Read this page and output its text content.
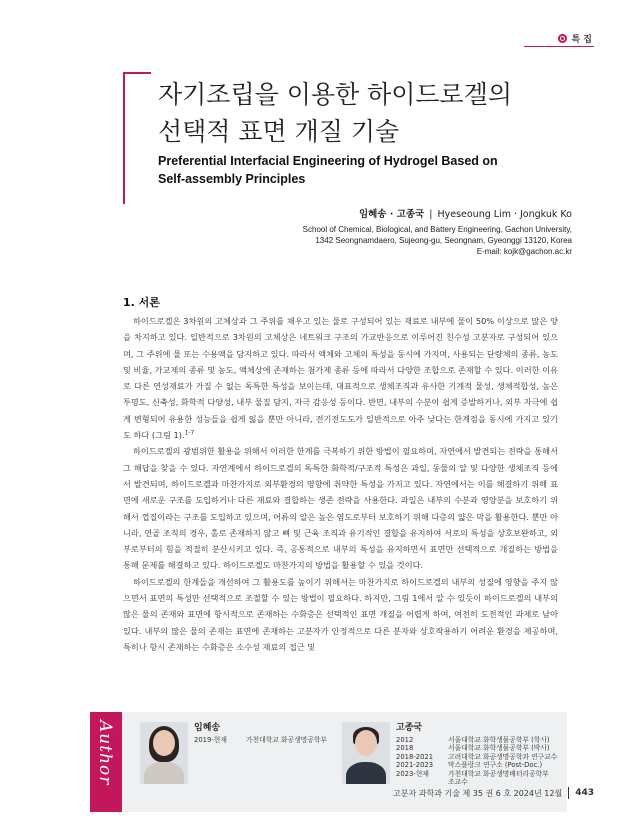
특 집
자기조립을 이용한 하이드로겔의
선택적 표면 개질 기술
Preferential Interfacial Engineering of Hydrogel Based on
Self-assembly Principles
임혜송 · 고종국 | Hyeseoung Lim · Jongkuk Ko
School of Chemical, Biological, and Battery Engineering, Gachon University,
1342 Seongnamdaero, Sujeong-gu, Seongnam, Gyeonggi 13120, Korea
E-mail: kojk@gachon.ac.kr
1. 서론

하이드로겔은 3차원의 고체상과 그 주위를 채우고 있는 물로 구성되어 있는 재료로 내부에 물이 50% 이상으로 많은 양을 차지하고 있다. 일반적으로 3차원의 고체상은 네트워크 구조의 가교반응으로 이루어진 친수성 고분자로 구성되어 있으며, 그 주위에 물 또는 수용액을 담지하고 있다. 따라서 액체와 고체의 특성을 동시에 가지며, 사용되는 단량체의 종류, 농도 및 비율, 가교제의 종류 및 농도, 액체상에 존재하는 첨가제 종류 등에 따라서 다양한 조합으로 존재할 수 있다. 이러한 이유로 다른 연성재료가 가질 수 없는 독특한 특성을 보이는데, 대표적으로 생체조직과 유사한 기계적 물성, 생체적합성, 높은 투명도, 신축성, 화학적 다양성, 내부 물질 담지, 자극 감응성 등이다. 반면, 내부의 수분이 쉽게 증발하거나, 외부 자극에 쉽게 변형되어 유용한 성능들을 쉽게 잃을 뿐만 아니라, 전기전도도가 일반적으로 아주 낮다는 한계점을 동시에 가지고 있기도 하다 (그림 1).$^{1-7}$

하이드로겔의 광범위한 활용을 위해서 이러한 한계를 극복하기 위한 방법이 필요하며, 자연에서 발견되는 전략을 통해서 그 해답을 찾을 수 있다. 자연계에서 하이드로겔의 독특한 화학적/구조적 특성은 과일, 동물의 알 및 다양한 생체조직 등에서 발견되며, 하이드로겔과 마찬가지로 외부환경의 영향에 취약한 특성을 가지고 있다. 자연에서는 이를 해결하기 위해 표면에 새로운 구조를 도입하거나 다른 재료와 결합하는 생존 전략을 사용한다. 과일은 내부의 수분과 영양분을 보호하기 위해서 껍질이라는 구조를 도입하고 있으며, 어류의 알은 높은 염도로부터 보호하기 위해 다층의 얇은 막을 활용한다. 뿐만 아니라, 연골 조직의 경우, 홀로 존재하지 않고 뼈 및 근육 조직과 유기적인 결합을 유지하여 서로의 특성을 상호보완하고, 외부로부터의 힘을 적절히 분산시키고 있다. 즉, 공통적으로 내부의 특성을 유지하면서 표면만 선택적으로 개질하는 방법을 통해 문제를 해결하고 있다. 하이드로겔도 마찬가지의 방법을 활용할 수 있을 것이다.

하이드로겔의 한계들을 개선하여 그 활용도를 높이기 위해서는 마찬가지로 하이드로겔의 내부의 성질에 영향을 주지 않으면서 표면의 특성만 선택적으로 조절할 수 있는 방법이 필요하다. 하지만, 그림 1에서 알 수 있듯이 하이드로겔의 내부의 많은 물의 존재와 표면에 항시적으로 존재하는 수화층은 선택적인 표면 개질을 어렵게 하여, 여전히 도전적인 과제로 남아있다. 내부의 많은 물의 존재는 표면에 존재하는 고분자가 안정적으로 다른 분자와 상호작용하기 어려운 환경을 제공하며, 특히나 항시 존재하는 수화층은 소수성 재료의 접근 및

Author	임혜송
2019-현재	가천대학교 화공생명공학부
고종국
2012	서울대학교 화학생물공학부 (학사)
2018	서울대학교 화학생물공학부 (박사)
2018-2021	고려대학교 화공생명공학과 연구교수
2021-2023	막스플랑크 연구소 (Post-Doc.)
2023-현재	가천대학교 화공생명배터리공학부
조교수
고분자 과학과 기술 제 35 권 6 호 2024년 12월 443
